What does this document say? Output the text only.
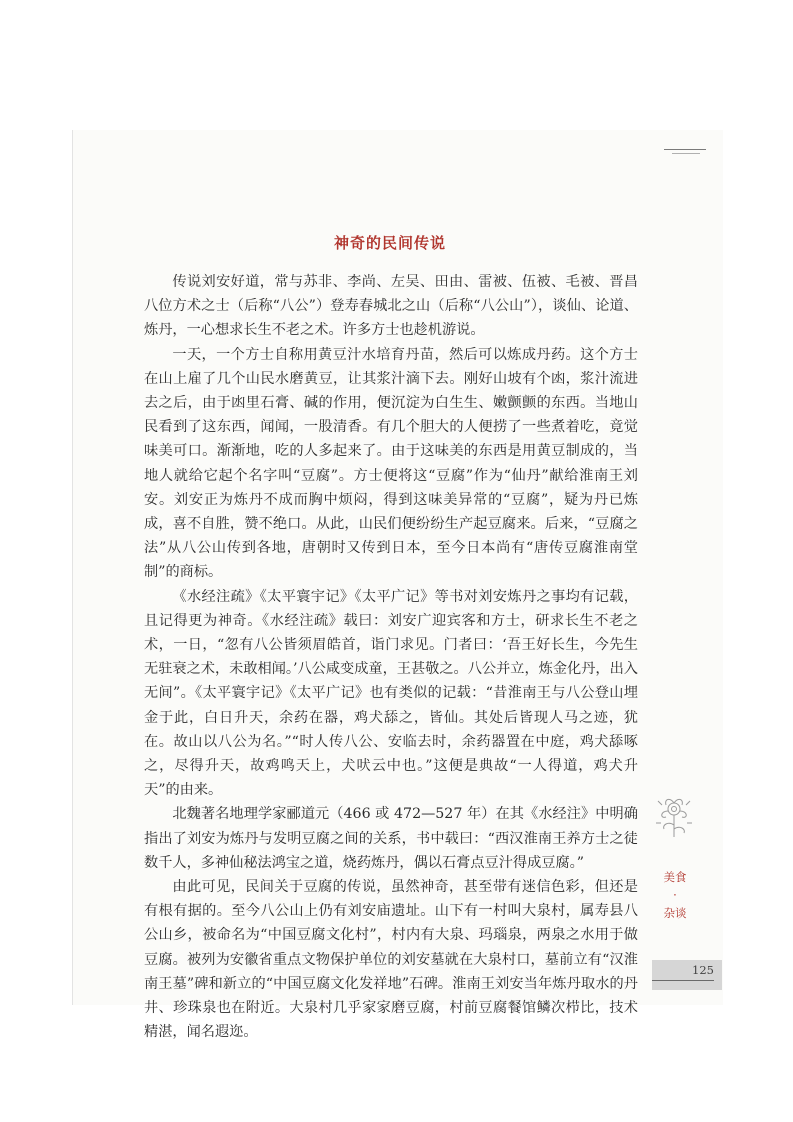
神奇的民间传说

传说刘安好道，常与苏非、李尚、左吴、田由、雷被、伍被、毛被、晋昌八位方术之士（后称“八公”）登寿春城北之山（后称“八公山”），谈仙、论道、炼丹，一心想求长生不老之术。许多方士也趁机游说。

一天，一个方士自称用黄豆汁水培育丹苗，然后可以炼成丹药。这个方士在山上雇了几个山民水磨黄豆，让其浆汁滴下去。刚好山坡有个凼，浆汁流进去之后，由于凼里石膏、碱的作用，便沉淀为白生生、嫩颤颤的东西。当地山民看到了这东西，闻闻，一股清香。有几个胆大的人便捞了一些煮着吃，竟觉味美可口。渐渐地，吃的人多起来了。由于这味美的东西是用黄豆制成的，当地人就给它起个名字叫“豆腐”。方士便将这“豆腐”作为“仙丹”献给淮南王刘安。刘安正为炼丹不成而胸中烦闷，得到这味美异常的“豆腐”，疑为丹已炼成，喜不自胜，赞不绝口。从此，山民们便纷纷生产起豆腐来。后来，“豆腐之法”从八公山传到各地，唐朝时又传到日本，至今日本尚有“唐传豆腐淮南堂制”的商标。

《水经注疏》《太平寰宇记》《太平广记》等书对刘安炼丹之事均有记载，且记得更为神奇。《水经注疏》载曰：刘安广迎宾客和方士，研求长生不老之术，一日，“忽有八公皆须眉皓首，诣门求见。门者曰：‘吾王好长生，今先生无驻衰之术，未敢相闻。’八公咸变成童，王甚敬之。八公并立，炼金化丹，出入无间”。《太平寰宇记》《太平广记》也有类似的记载：“昔淮南王与八公登山埋金于此，白日升天，余药在器，鸡犬舔之，皆仙。其处后皆现人马之迹，犹在。故山以八公为名。”“时人传八公、安临去时，余药器置在中庭，鸡犬舔啄之，尽得升天，故鸡鸣天上，犬吠云中也。”这便是典故“一人得道，鸡犬升天”的由来。

北魏著名地理学家郦道元（466 或 472—527 年）在其《水经注》中明确指出了刘安为炼丹与发明豆腐之间的关系，书中载曰：“西汉淮南王养方士之徒数千人，多神仙秘法鸿宝之道，烧药炼丹，偶以石膏点豆汁得成豆腐。”

由此可见，民间关于豆腐的传说，虽然神奇，甚至带有迷信色彩，但还是有根有据的。至今八公山上仍有刘安庙遗址。山下有一村叫大泉村，属寿县八公山乡，被命名为“中国豆腐文化村”，村内有大泉、玛瑙泉，两泉之水用于做豆腐。被列为安徽省重点文物保护单位的刘安墓就在大泉村口，墓前立有“汉淮南王墓”碑和新立的“中国豆腐文化发祥地”石碑。淮南王刘安当年炼丹取水的丹井、珍珠泉也在附近。大泉村几乎家家磨豆腐，村前豆腐餐馆鳞次栉比，技术精湛，闻名遐迩。

美食
·
杂谈
125
